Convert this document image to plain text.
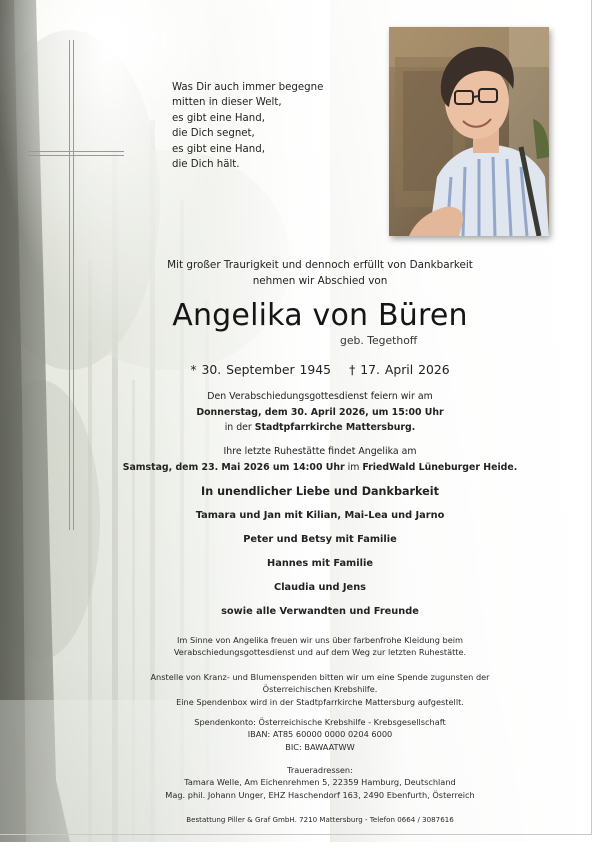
Was Dir auch immer begegne
mitten in dieser Welt,
es gibt eine Hand,
die Dich segnet,
es gibt eine Hand,
die Dich hält.
Mit großer Traurigkeit und dennoch erfüllt von Dankbarkeit
nehmen wir Abschied von
Angelika von Büren
geb. Tegethoff
* 30. September 1945 † 17. April 2026
Den Verabschiedungsgottesdienst feiern wir am
Donnerstag, dem 30. April 2026, um 15:00 Uhr
in der Stadtpfarrkirche Mattersburg.
Ihre letzte Ruhestätte findet Angelika am
Samstag, dem 23. Mai 2026 um 14:00 Uhr im FriedWald Lüneburger Heide.
In unendlicher Liebe und Dankbarkeit
Tamara und Jan mit Kilian, Mai-Lea und Jarno
Peter und Betsy mit Familie
Hannes mit Familie
Claudia und Jens
sowie alle Verwandten und Freunde
Im Sinne von Angelika freuen wir uns über farbenfrohe Kleidung beim
Verabschiedungsgottesdienst und auf dem Weg zur letzten Ruhestätte.
Anstelle von Kranz- und Blumenspenden bitten wir um eine Spende zugunsten der
Österreichischen Krebshilfe.
Eine Spendenbox wird in der Stadtpfarrkirche Mattersburg aufgestellt.
Spendenkonto: Österreichische Krebshilfe - Krebsgesellschaft
IBAN: AT85 60000 0000 0204 6000
BIC: BAWAATWW
Traueradressen:
Tamara Welle, Am Eichenrehmen 5, 22359 Hamburg, Deutschland
Mag. phil. Johann Unger, EHZ Haschendorf 163, 2490 Ebenfurth, Österreich
Bestattung Piller & Graf GmbH. 7210 Mattersburg - Telefon 0664 / 3087616
